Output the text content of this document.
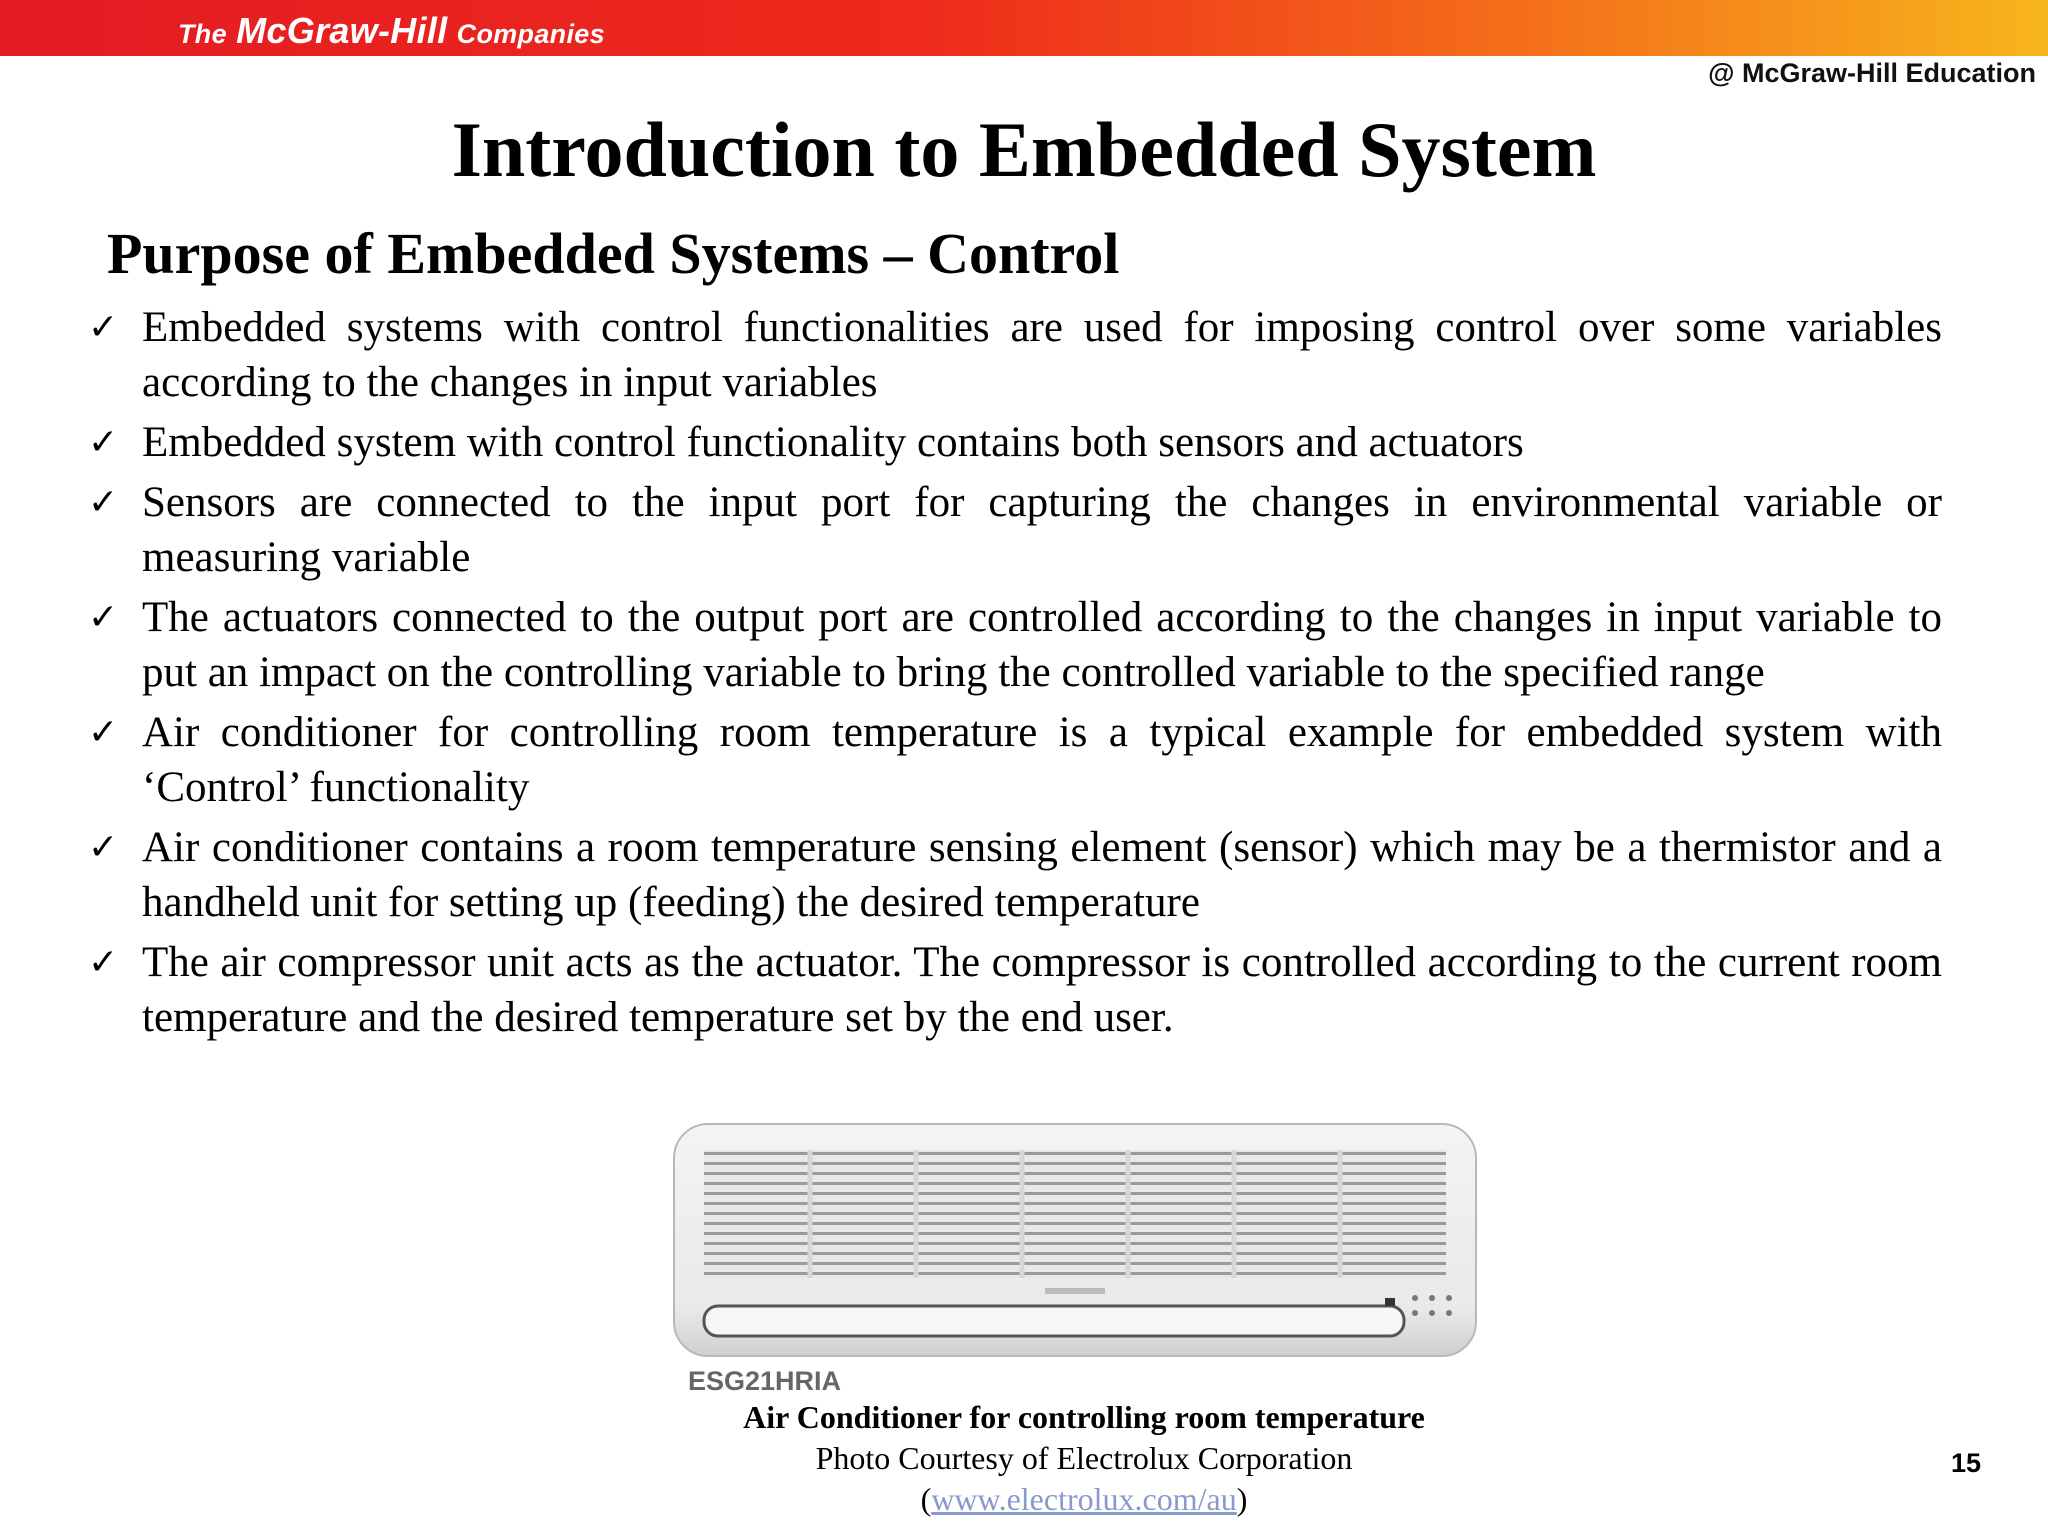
The McGraw-Hill Companies
@ McGraw-Hill Education
Introduction to Embedded System
Purpose of Embedded Systems – Control
✓ Embedded systems with control functionalities are used for imposing control over some variables according to the changes in input variables
✓ Embedded system with control functionality contains both sensors and actuators
✓ Sensors are connected to the input port for capturing the changes in environmental variable or measuring variable
✓ The actuators connected to the output port are controlled according to the changes in input variable to put an impact on the controlling variable to bring the controlled variable to the specified range
✓ Air conditioner for controlling room temperature is a typical example for embedded system with ‘Control’ functionality
✓ Air conditioner contains a room temperature sensing element (sensor) which may be a thermistor and a handheld unit for setting up (feeding) the desired temperature
✓ The air compressor unit acts as the actuator. The compressor is controlled according to the current room temperature and the desired temperature set by the end user.
ESG21HRIA
Air Conditioner for controlling room temperature
Photo Courtesy of Electrolux Corporation
(www.electrolux.com/au)
15
